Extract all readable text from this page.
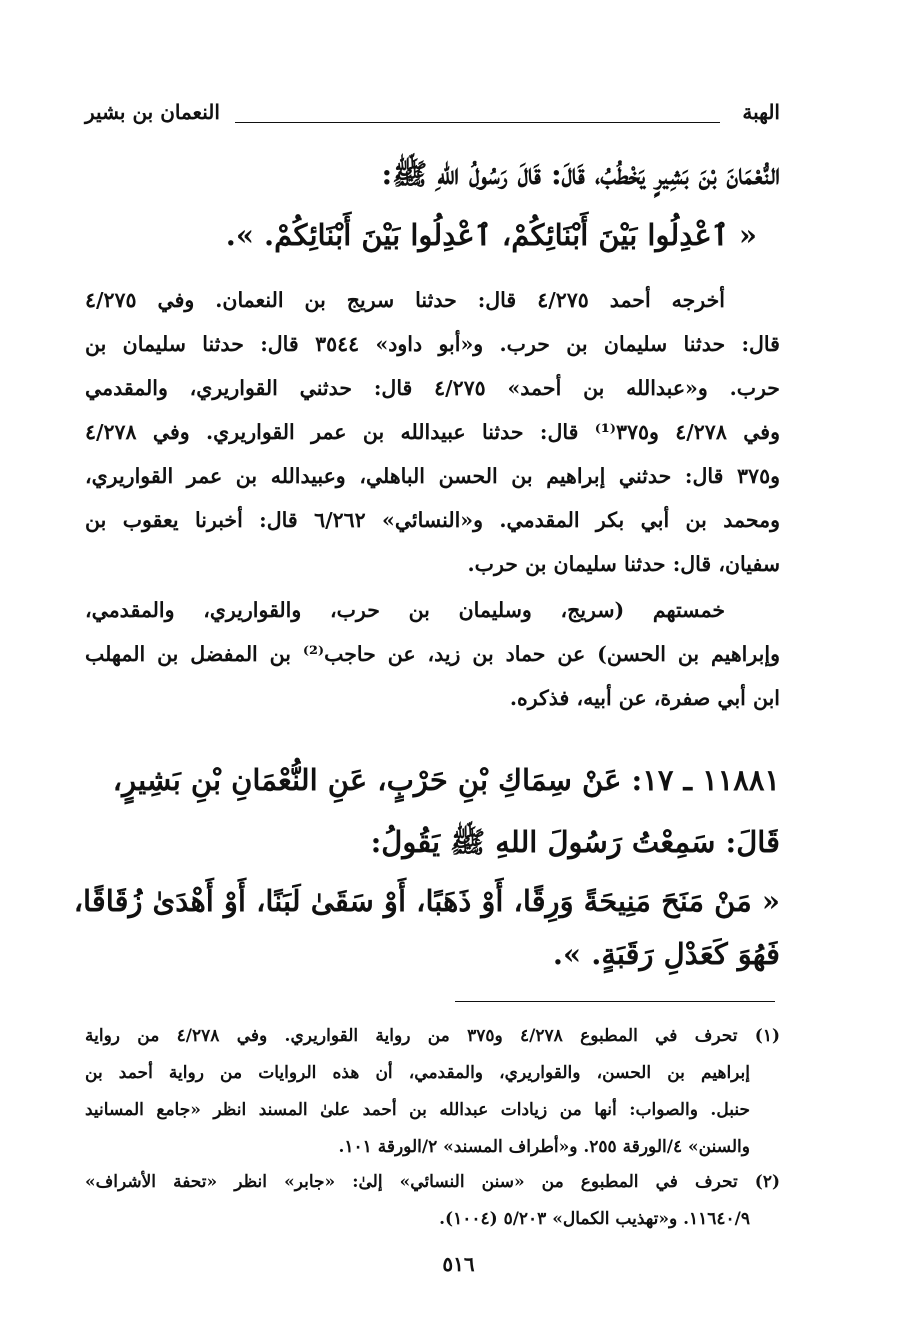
الهبة
النعمان بن بشير
النُّعْمَانَ بْنَ بَشِيرٍ يَخْطُبُ، قَالَ: قَالَ رَسُولُ اللهِ ﷺ:
« ٱعْدِلُوا بَيْنَ أَبْنَائِكُمْ، ٱعْدِلُوا بَيْنَ أَبْنَائِكُمْ. ».

أخرجه أحمد ٤/٢٧٥ قال: حدثنا سريج بن النعمان. وفي ٤/٢٧٥

قال: حدثنا سليمان بن حرب. و«أبو داود» ٣٥٤٤ قال: حدثنا سليمان بن

حرب. و«عبدالله بن أحمد» ٤/٢٧٥ قال: حدثني القواريري، والمقدمي

وفي ٤/٢٧٨ و٣٧٥⁽¹⁾ قال: حدثنا عبيدالله بن عمر القواريري. وفي ٤/٢٧٨

و٣٧٥ قال: حدثني إبراهيم بن الحسن الباهلي، وعبيدالله بن عمر القواريري،

ومحمد بن أبي بكر المقدمي. و«النسائي» ٦/٢٦٢ قال: أخبرنا يعقوب بن

سفيان، قال: حدثنا سليمان بن حرب.

خمستهم (سريج، وسليمان بن حرب، والقواريري، والمقدمي،

وإبراهيم بن الحسن) عن حماد بن زيد، عن حاجب⁽²⁾ بن المفضل بن المهلب

ابن أبي صفرة، عن أبيه، فذكره.

١١٨٨١ ـ ١٧: عَنْ سِمَاكِ بْنِ حَرْبٍ، عَنِ النُّعْمَانِ بْنِ بَشِيرٍ،
قَالَ: سَمِعْتُ رَسُولَ اللهِ ﷺ يَقُولُ:
« مَنْ مَنَحَ مَنِيحَةً وَرِقًا، أَوْ ذَهَبًا، أَوْ سَقَىٰ لَبَنًا، أَوْ أَهْدَىٰ زُقَاقًا،
فَهُوَ كَعَدْلِ رَقَبَةٍ. ».

(١) تحرف في المطبوع ٤/٢٧٨ و٣٧٥ من رواية القواريري. وفي ٤/٢٧٨ من رواية

إبراهيم بن الحسن، والقواريري، والمقدمي، أن هذه الروايات من رواية أحمد بن

حنبل. والصواب: أنها من زيادات عبدالله بن أحمد علىٰ المسند انظر «جامع المسانيد

والسنن» ٤/الورقة ٢٥٥. و«أطراف المسند» ٢/الورقة ١٠١.

(٢) تحرف في المطبوع من «سنن النسائي» إلىٰ: «جابر» انظر «تحفة الأشراف»

١١٦٤٠/٩. و«تهذيب الكمال» ٥/٢٠٣ (١٠٠٤).

٥١٦
